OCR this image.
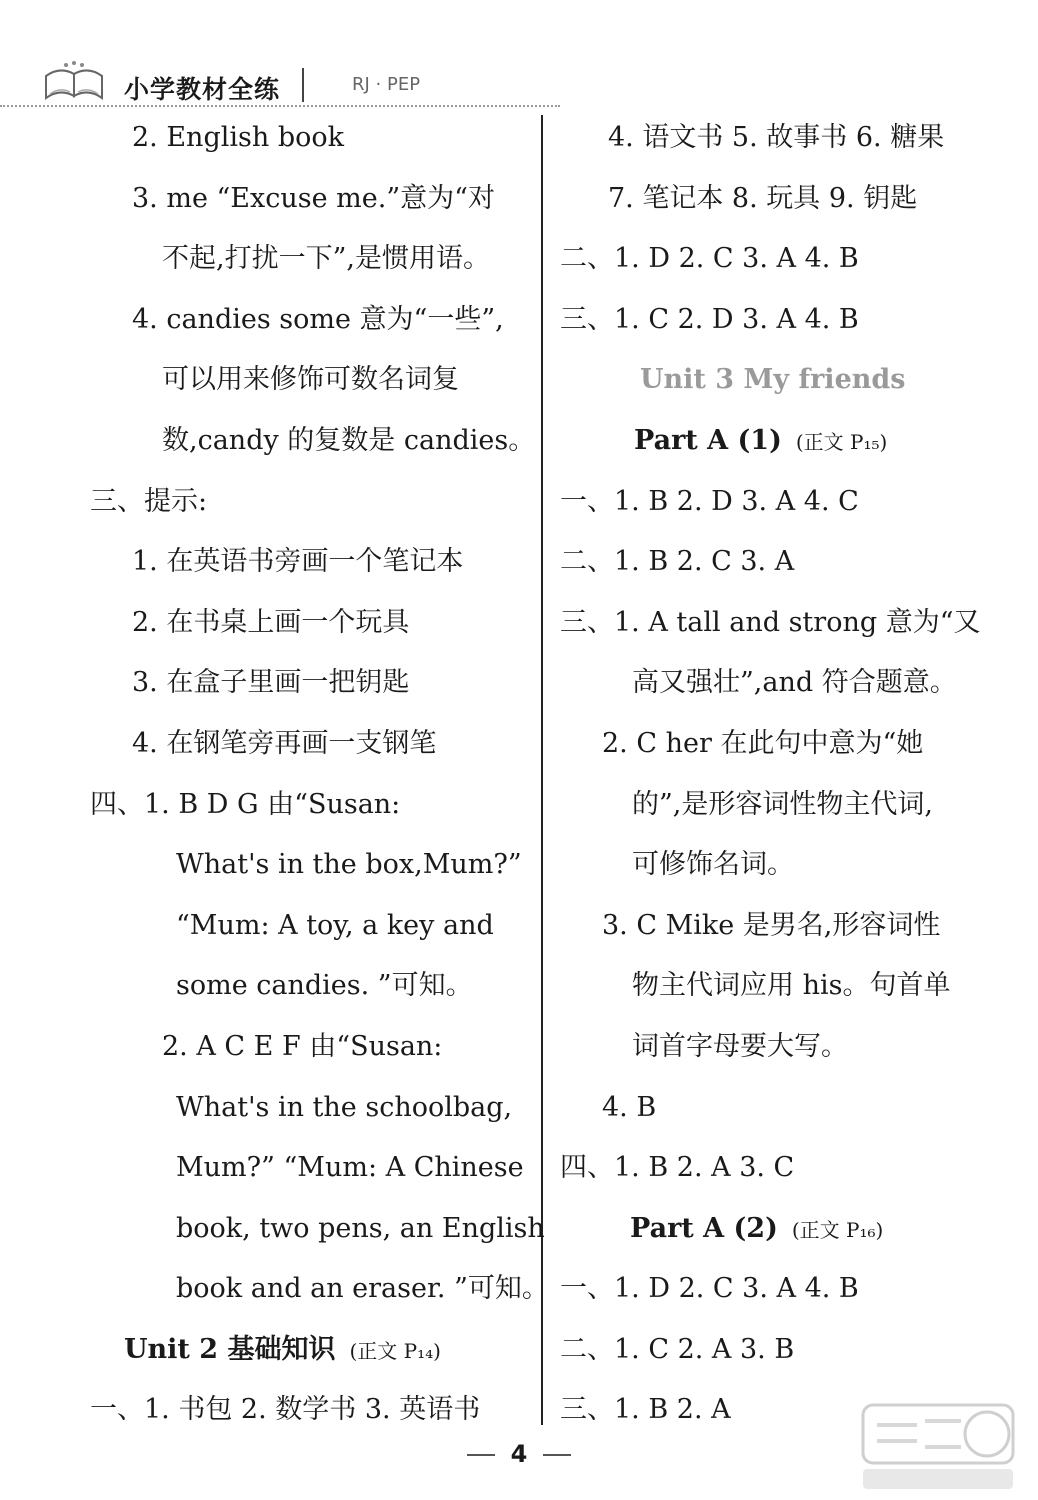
小学教材全练	RJ · PEP
2. English book
3. me “Excuse me.”意为“对
不起,打扰一下”,是惯用语。
4. candies some 意为“一些”,
可以用来修饰可数名词复
数,candy 的复数是 candies。
三、提示:
1. 在英语书旁画一个笔记本
2. 在书桌上画一个玩具
3. 在盒子里画一把钥匙
4. 在钢笔旁再画一支钢笔
四、1. B D G 由“Susan:
What's in the box,Mum?”
“Mum: A toy, a key and
some candies. ”可知。
2. A C E F 由“Susan:
What's in the schoolbag,
Mum?” “Mum: A Chinese
book, two pens, an English
book and an eraser. ”可知。
Unit 2 基础知识 (正文 P₁₄)
一、1. 书包 2. 数学书 3. 英语书
4. 语文书 5. 故事书 6. 糖果
7. 笔记本 8. 玩具 9. 钥匙
二、1. D 2. C 3. A 4. B
三、1. C 2. D 3. A 4. B
Unit 3 My friends
Part A (1) (正文 P₁₅)
一、1. B 2. D 3. A 4. C
二、1. B 2. C 3. A
三、1. A tall and strong 意为“又
高又强壮”,and 符合题意。
2. C her 在此句中意为“她
的”,是形容词性物主代词,
可修饰名词。
3. C Mike 是男名,形容词性
物主代词应用 his。句首单
词首字母要大写。
4. B
四、1. B 2. A 3. C
Part A (2) (正文 P₁₆)
一、1. D 2. C 3. A 4. B
二、1. C 2. A 3. B
三、1. B 2. A
4
